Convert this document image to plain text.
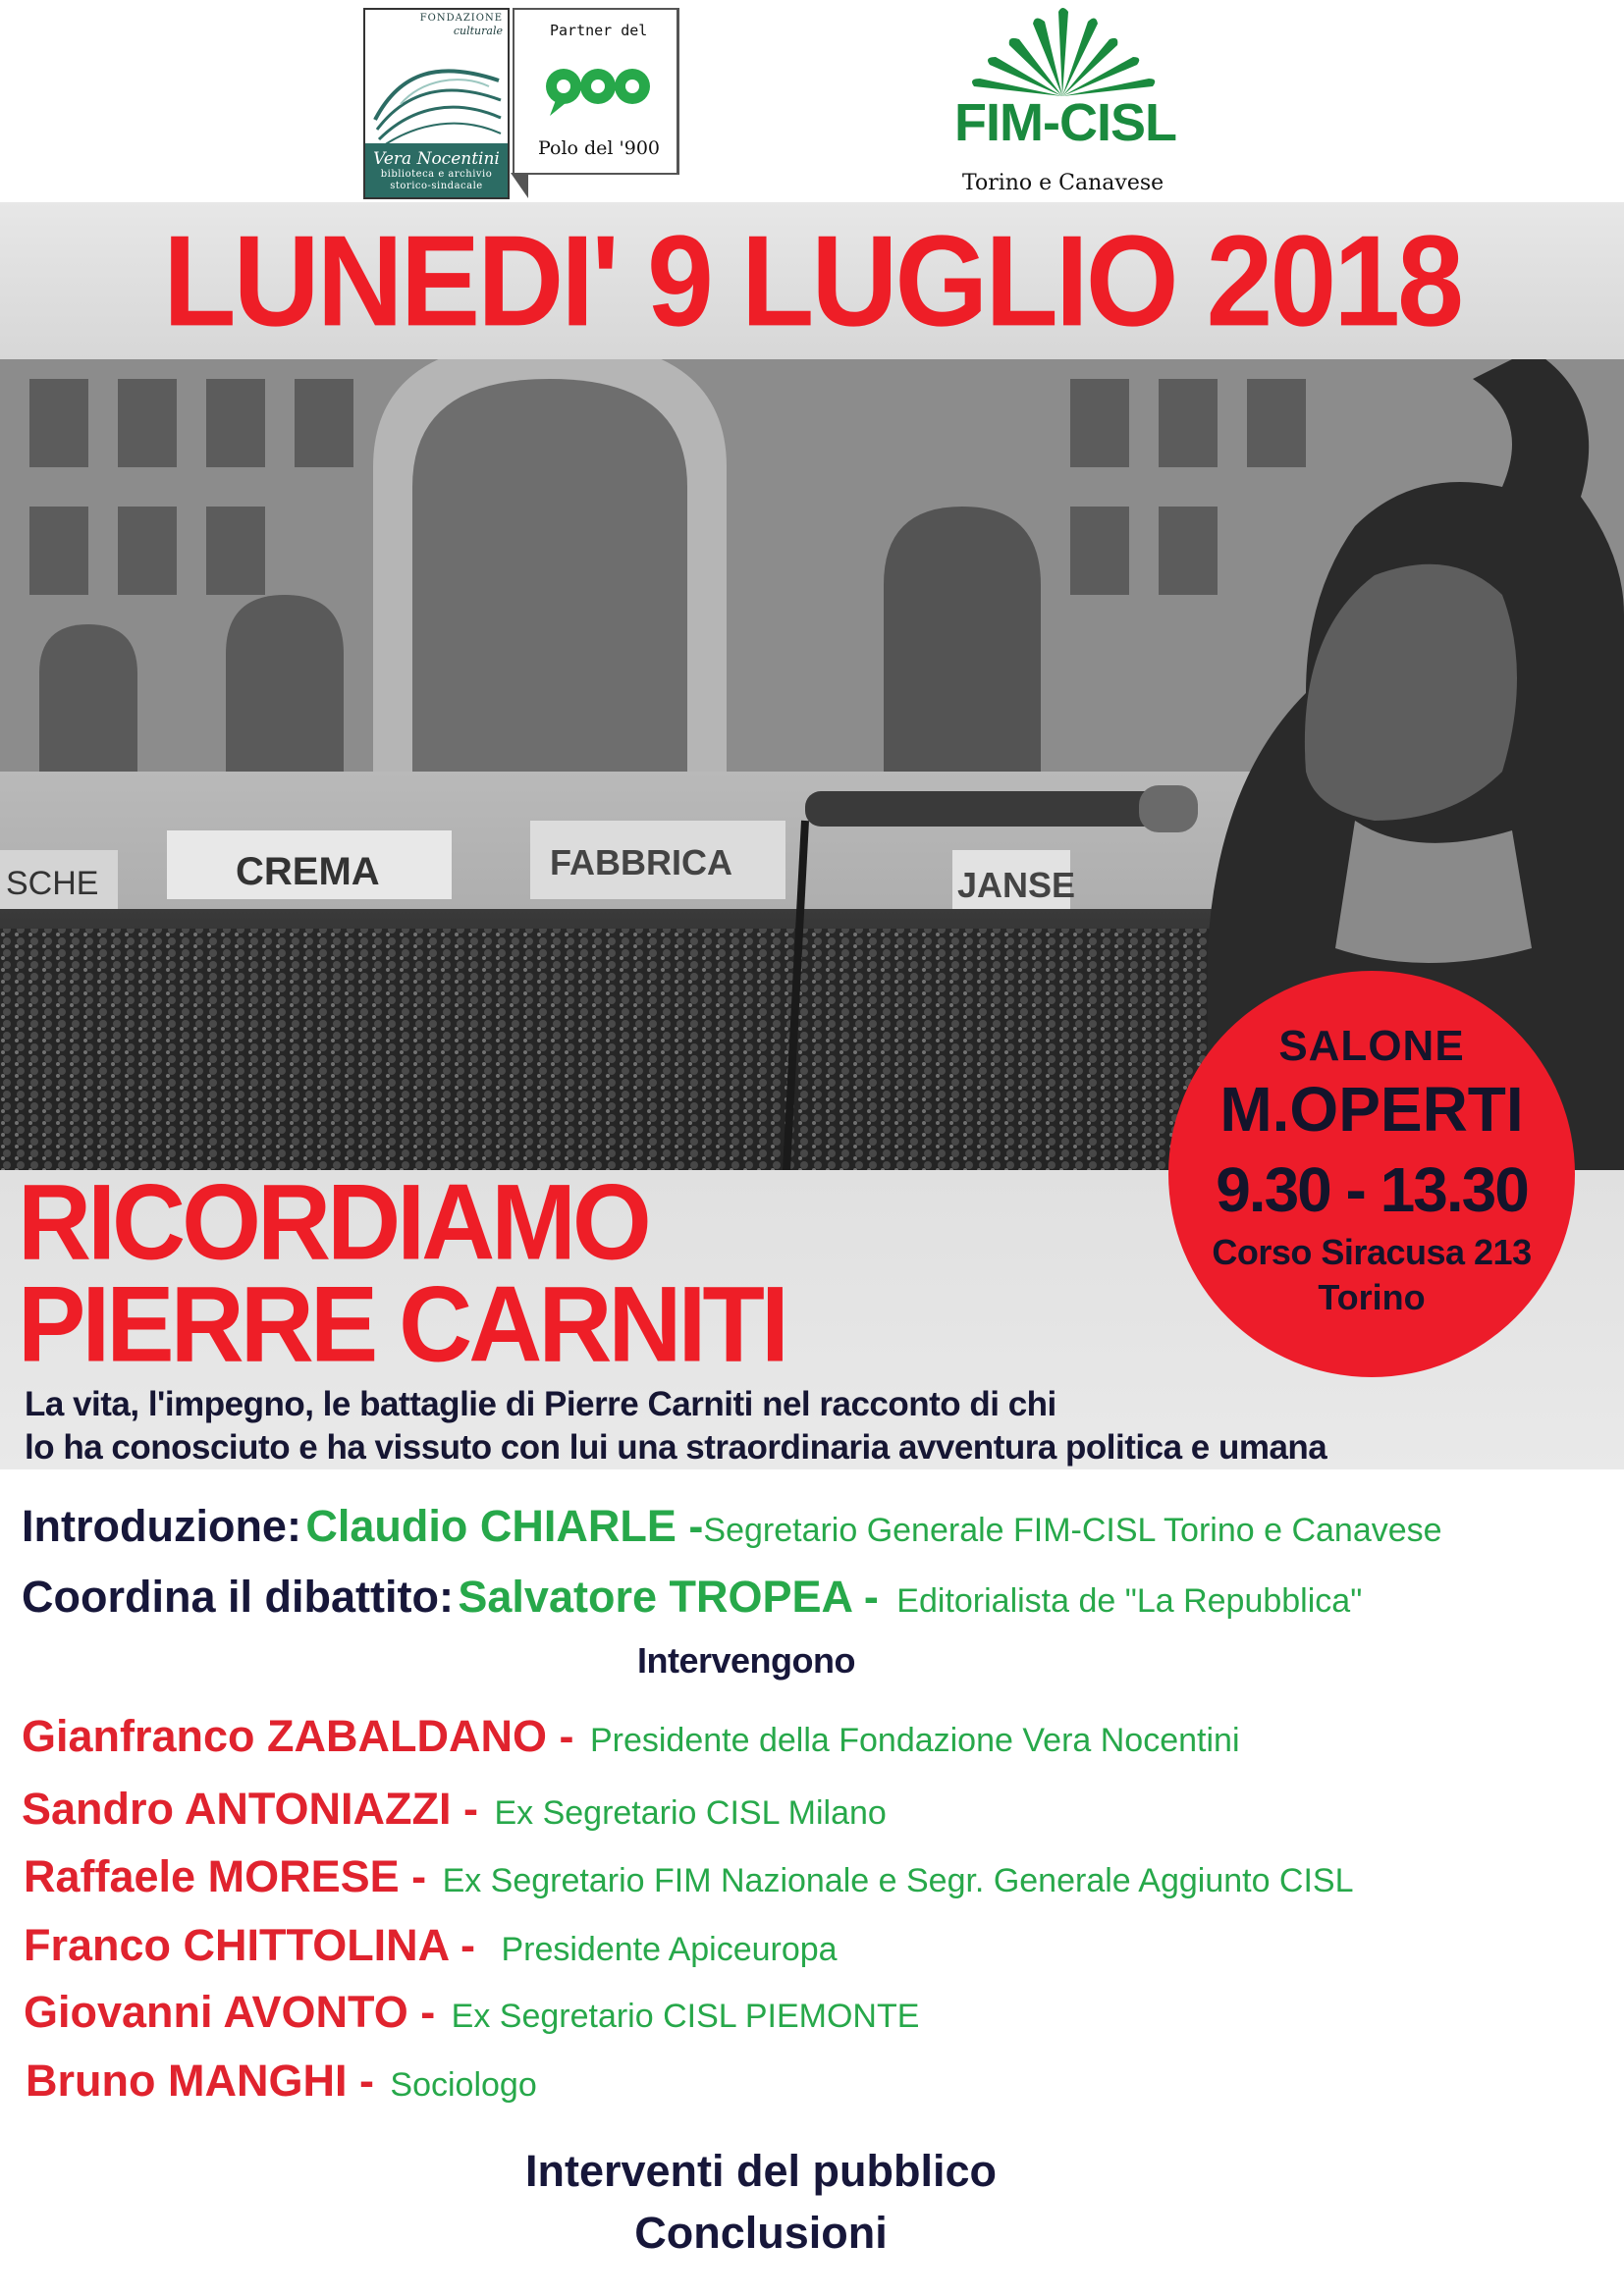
FONDAZIONE
culturale
Vera Nocentini
biblioteca e archivio
storico-sindacale
Partner del
Polo del '900	FIM-CISL
Torino e Canavese
LUNEDI' 9 LUGLIO 2018
CREMA
SCHE
FABBRICA
JANSE
RICORDIAMO
PIERRE CARNITI
La vita, l'impegno, le battaglie di Pierre Carniti nel racconto di chi
lo ha conosciuto e ha vissuto con lui una straordinaria avventura politica e umana
SALONE
M.OPERTI
9.30 - 13.30
Corso Siracusa 213
Torino
Introduzione: Claudio CHIARLE -Segretario Generale FIM-CISL Torino e Canavese
Coordina il dibattito: Salvatore TROPEA - Editorialista de "La Repubblica"
Intervengono
Gianfranco ZABALDANO - Presidente della Fondazione Vera Nocentini
Sandro ANTONIAZZI - Ex Segretario CISL Milano
Raffaele MORESE - Ex Segretario FIM Nazionale e Segr. Generale Aggiunto CISL
Franco CHITTOLINA - Presidente Apiceuropa
Giovanni AVONTO - Ex Segretario CISL PIEMONTE
Bruno MANGHI - Sociologo
Interventi del pubblico
Conclusioni
